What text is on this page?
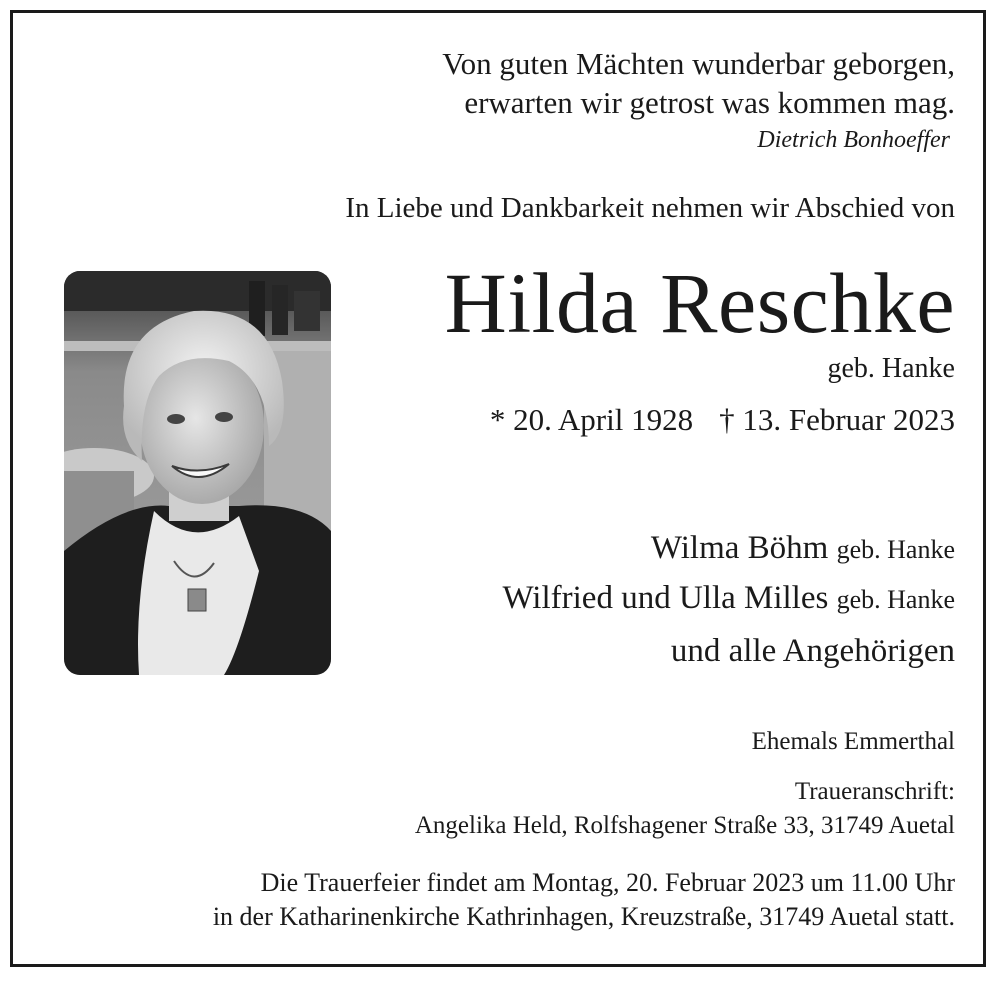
Von guten Mächten wunderbar geborgen,
erwarten wir getrost was kommen mag.
Dietrich Bonhoeffer
In Liebe und Dankbarkeit nehmen wir Abschied von
Hilda Reschke
geb. Hanke
* 20. April 1928 † 13. Februar 2023
Wilma Böhm geb. Hanke
Wilfried und Ulla Milles geb. Hanke
und alle Angehörigen
Ehemals Emmerthal
Traueranschrift:
Angelika Held, Rolfshagener Straße 33, 31749 Auetal
Die Trauerfeier findet am Montag, 20. Februar 2023 um 11.00 Uhr
in der Katharinenkirche Kathrinhagen, Kreuzstraße, 31749 Auetal statt.
